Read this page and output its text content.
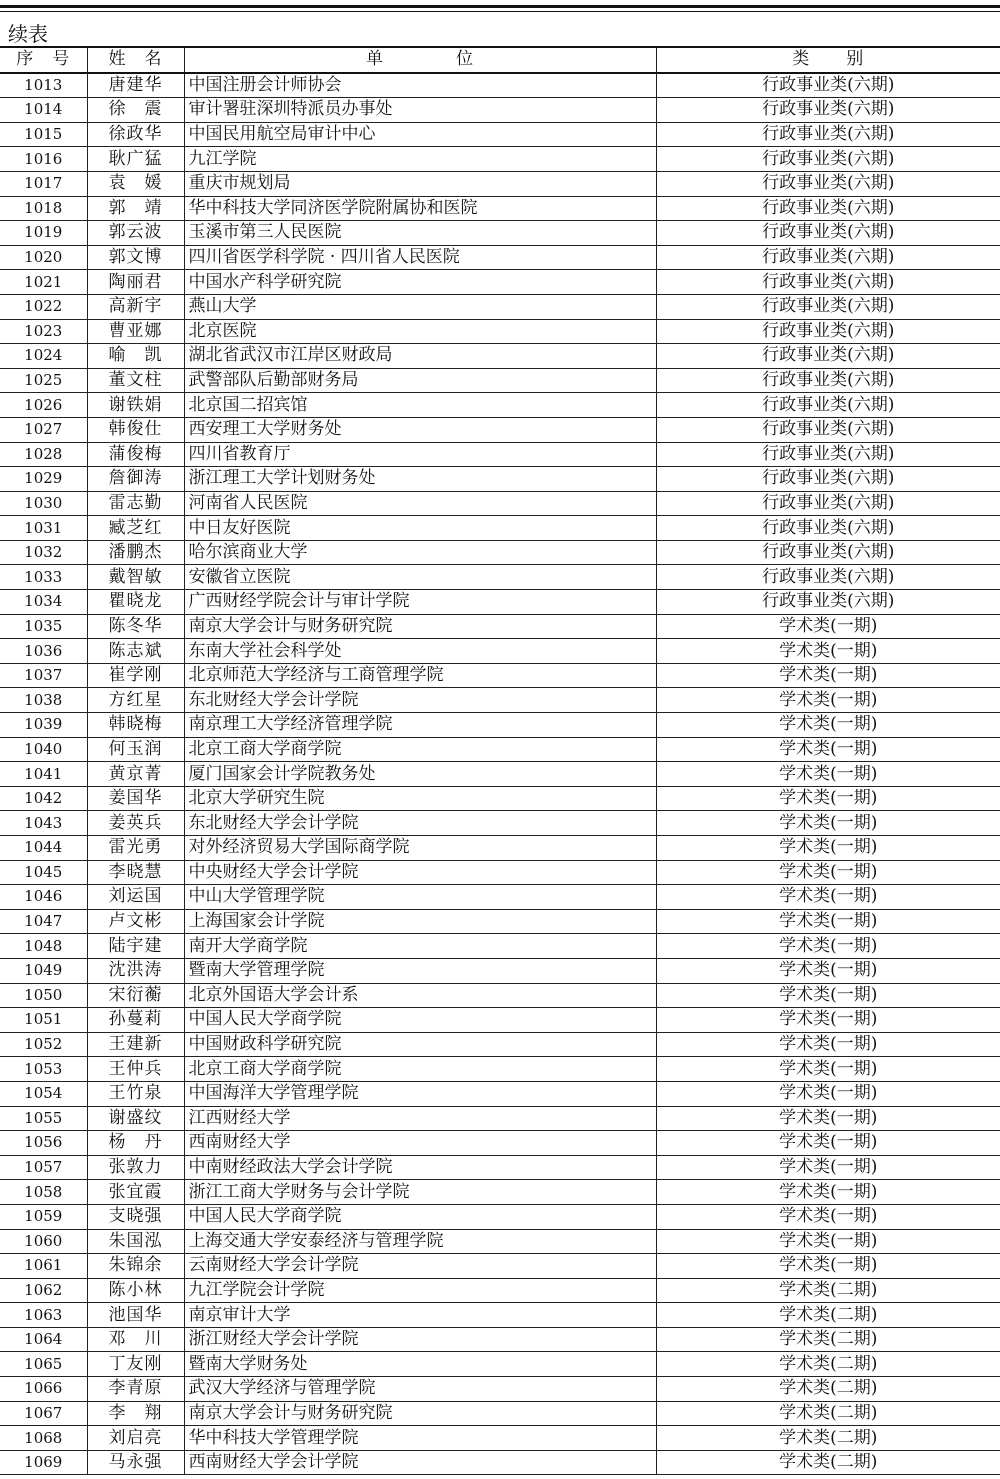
续表
序　号	姓　名	单　　　　位	类　　别
1013	唐建华	中国注册会计师协会	行政事业类(六期)
1014	徐　震	审计署驻深圳特派员办事处	行政事业类(六期)
1015	徐政华	中国民用航空局审计中心	行政事业类(六期)
1016	耿广猛	九江学院	行政事业类(六期)
1017	袁　媛	重庆市规划局	行政事业类(六期)
1018	郭　靖	华中科技大学同济医学院附属协和医院	行政事业类(六期)
1019	郭云波	玉溪市第三人民医院	行政事业类(六期)
1020	郭文博	四川省医学科学院 · 四川省人民医院	行政事业类(六期)
1021	陶丽君	中国水产科学研究院	行政事业类(六期)
1022	高新宇	燕山大学	行政事业类(六期)
1023	曹亚娜	北京医院	行政事业类(六期)
1024	喻　凯	湖北省武汉市江岸区财政局	行政事业类(六期)
1025	董文柱	武警部队后勤部财务局	行政事业类(六期)
1026	谢铁娟	北京国二招宾馆	行政事业类(六期)
1027	韩俊仕	西安理工大学财务处	行政事业类(六期)
1028	蒲俊梅	四川省教育厅	行政事业类(六期)
1029	詹御涛	浙江理工大学计划财务处	行政事业类(六期)
1030	雷志勤	河南省人民医院	行政事业类(六期)
1031	臧芝红	中日友好医院	行政事业类(六期)
1032	潘鹏杰	哈尔滨商业大学	行政事业类(六期)
1033	戴智敏	安徽省立医院	行政事业类(六期)
1034	瞿晓龙	广西财经学院会计与审计学院	行政事业类(六期)
1035	陈冬华	南京大学会计与财务研究院	学术类(一期)
1036	陈志斌	东南大学社会科学处	学术类(一期)
1037	崔学刚	北京师范大学经济与工商管理学院	学术类(一期)
1038	方红星	东北财经大学会计学院	学术类(一期)
1039	韩晓梅	南京理工大学经济管理学院	学术类(一期)
1040	何玉润	北京工商大学商学院	学术类(一期)
1041	黄京菁	厦门国家会计学院教务处	学术类(一期)
1042	姜国华	北京大学研究生院	学术类(一期)
1043	姜英兵	东北财经大学会计学院	学术类(一期)
1044	雷光勇	对外经济贸易大学国际商学院	学术类(一期)
1045	李晓慧	中央财经大学会计学院	学术类(一期)
1046	刘运国	中山大学管理学院	学术类(一期)
1047	卢文彬	上海国家会计学院	学术类(一期)
1048	陆宇建	南开大学商学院	学术类(一期)
1049	沈洪涛	暨南大学管理学院	学术类(一期)
1050	宋衍蘅	北京外国语大学会计系	学术类(一期)
1051	孙蔓莉	中国人民大学商学院	学术类(一期)
1052	王建新	中国财政科学研究院	学术类(一期)
1053	王仲兵	北京工商大学商学院	学术类(一期)
1054	王竹泉	中国海洋大学管理学院	学术类(一期)
1055	谢盛纹	江西财经大学	学术类(一期)
1056	杨　丹	西南财经大学	学术类(一期)
1057	张敦力	中南财经政法大学会计学院	学术类(一期)
1058	张宜霞	浙江工商大学财务与会计学院	学术类(一期)
1059	支晓强	中国人民大学商学院	学术类(一期)
1060	朱国泓	上海交通大学安泰经济与管理学院	学术类(一期)
1061	朱锦余	云南财经大学会计学院	学术类(一期)
1062	陈小林	九江学院会计学院	学术类(二期)
1063	池国华	南京审计大学	学术类(二期)
1064	邓　川	浙江财经大学会计学院	学术类(二期)
1065	丁友刚	暨南大学财务处	学术类(二期)
1066	李青原	武汉大学经济与管理学院	学术类(二期)
1067	李　翔	南京大学会计与财务研究院	学术类(二期)
1068	刘启亮	华中科技大学管理学院	学术类(二期)
1069	马永强	西南财经大学会计学院	学术类(二期)
